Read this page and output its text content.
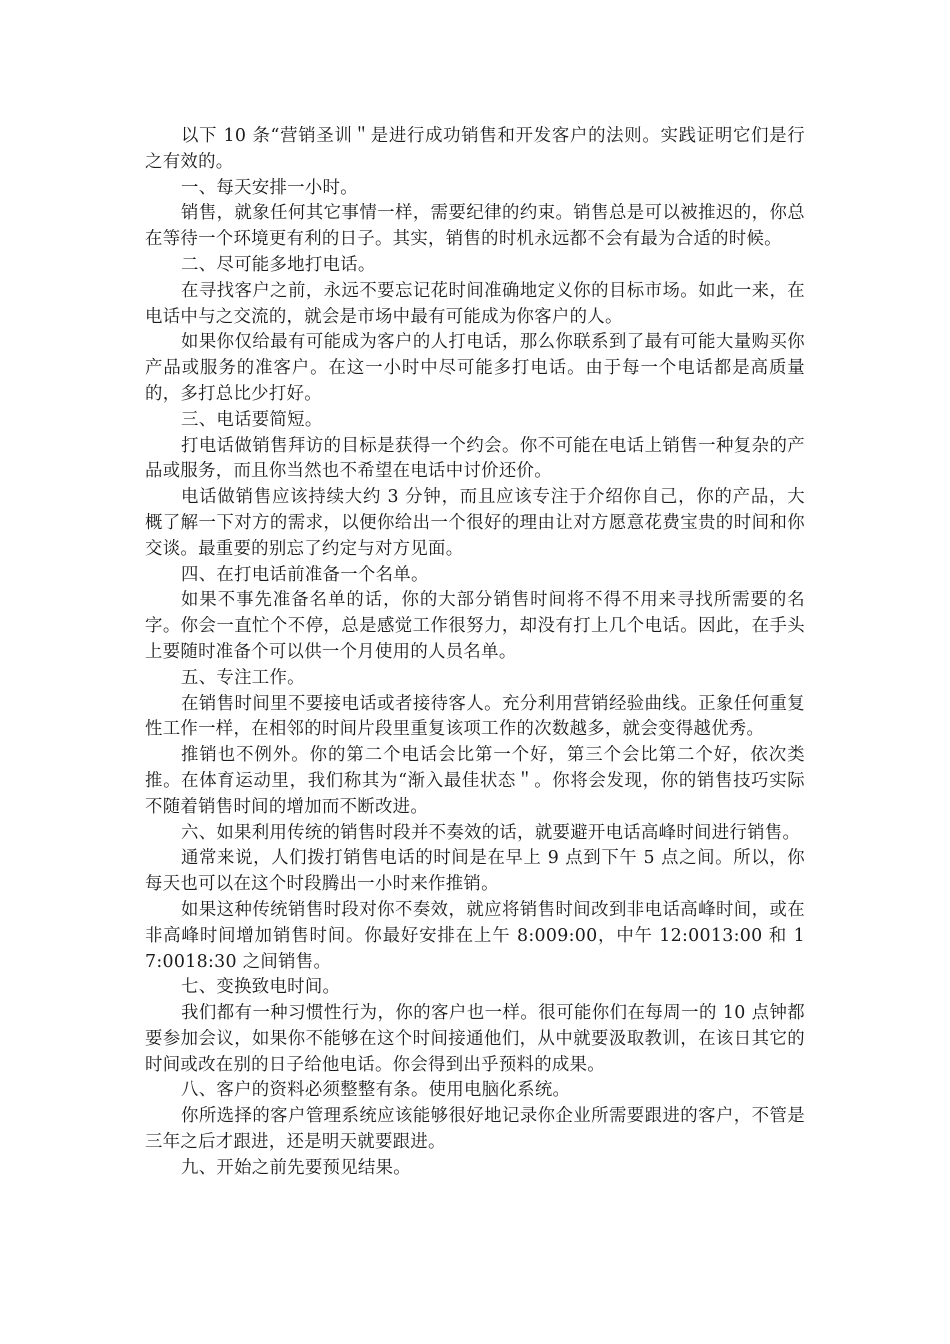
以下 10 条“营销圣训＂是进行成功销售和开发客户的法则。实践证明它们是行之有效的。

一、每天安排一小时。

销售，就象任何其它事情一样，需要纪律的约束。销售总是可以被推迟的，你总在等待一个环境更有利的日子。其实，销售的时机永远都不会有最为合适的时候。

二、尽可能多地打电话。

在寻找客户之前，永远不要忘记花时间准确地定义你的目标市场。如此一来，在电话中与之交流的，就会是市场中最有可能成为你客户的人。

如果你仅给最有可能成为客户的人打电话，那么你联系到了最有可能大量购买你产品或服务的准客户。在这一小时中尽可能多打电话。由于每一个电话都是高质量的，多打总比少打好。

三、电话要简短。

打电话做销售拜访的目标是获得一个约会。你不可能在电话上销售一种复杂的产品或服务，而且你当然也不希望在电话中讨价还价。

电话做销售应该持续大约 3 分钟，而且应该专注于介绍你自己，你的产品，大概了解一下对方的需求，以便你给出一个很好的理由让对方愿意花费宝贵的时间和你交谈。最重要的别忘了约定与对方见面。

四、在打电话前准备一个名单。

如果不事先准备名单的话，你的大部分销售时间将不得不用来寻找所需要的名字。你会一直忙个不停，总是感觉工作很努力，却没有打上几个电话。因此，在手头上要随时准备个可以供一个月使用的人员名单。

五、专注工作。

在销售时间里不要接电话或者接待客人。充分利用营销经验曲线。正象任何重复性工作一样，在相邻的时间片段里重复该项工作的次数越多，就会变得越优秀。

推销也不例外。你的第二个电话会比第一个好，第三个会比第二个好，依次类推。在体育运动里，我们称其为“渐入最佳状态＂。你将会发现，你的销售技巧实际不随着销售时间的增加而不断改进。

六、如果利用传统的销售时段并不奏效的话，就要避开电话高峰时间进行销售。

通常来说，人们拨打销售电话的时间是在早上 9 点到下午 5 点之间。所以，你每天也可以在这个时段腾出一小时来作推销。

如果这种传统销售时段对你不奏效，就应将销售时间改到非电话高峰时间，或在非高峰时间增加销售时间。你最好安排在上午 8:009:00，中午 12:0013:00 和 17:0018:30 之间销售。

七、变换致电时间。

我们都有一种习惯性行为，你的客户也一样。很可能你们在每周一的 10 点钟都要参加会议，如果你不能够在这个时间接通他们，从中就要汲取教训，在该日其它的时间或改在别的日子给他电话。你会得到出乎预料的成果。

八、客户的资料必须整整有条。使用电脑化系统。

你所选择的客户管理系统应该能够很好地记录你企业所需要跟进的客户，不管是三年之后才跟进，还是明天就要跟进。

九、开始之前先要预见结果。
